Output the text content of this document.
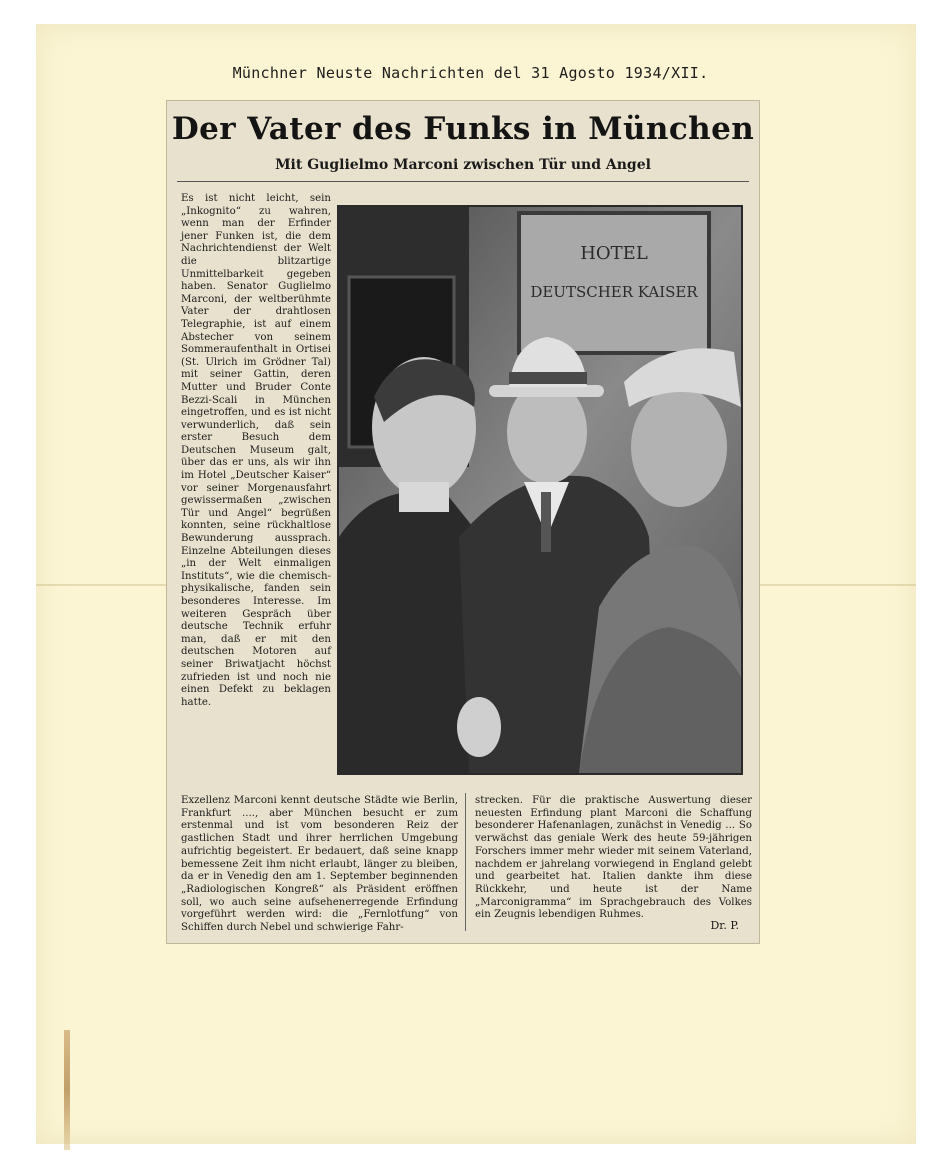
Münchner Neuste Nachrichten del 31 Agosto 1934/XII.
Der Vater des Funks in München
Mit Guglielmo Marconi zwischen Tür und Angel
Es ist nicht leicht, sein „Inkognito“ zu wahren, wenn man der Erfinder jener Funken ist, die dem Nachrichtendienst der Welt die blitzartige Unmittelbarkeit gegeben haben. Senator Guglielmo Marconi, der weltberühmte Vater der drahtlosen Telegraphie, ist auf einem Abstecher von seinem Sommeraufenthalt in Ortisei (St. Ulrich im Grödner Tal) mit seiner Gattin, deren Mutter und Bruder Conte Bezzi-Scali in München eingetroffen, und es ist nicht verwunderlich, daß sein erster Besuch dem Deutschen Museum galt, über das er uns, als wir ihn im Hotel „Deutscher Kaiser“ vor seiner Morgenausfahrt gewissermaßen „zwischen Tür und Angel“ begrüßen konnten, seine rückhaltlose Bewunderung aussprach. Einzelne Abteilungen dieses „in der Welt einmaligen Instituts“, wie die chemisch-physikalische, fanden sein besonderes Interesse. Im weiteren Gespräch über deutsche Technik erfuhr man, daß er mit den deutschen Motoren auf seiner Briwatjacht höchst zufrieden ist und noch nie einen Defekt zu beklagen hatte.
HOTEL
DEUTSCHER KAISER
Exzellenz Marconi kennt deutsche Städte wie Berlin, Frankfurt ...., aber München besucht er zum erstenmal und ist vom besonderen Reiz der gastlichen Stadt und ihrer herrlichen Umgebung aufrichtig begeistert. Er bedauert, daß seine knapp bemessene Zeit ihm nicht erlaubt, länger zu bleiben, da er in Venedig den am 1. September beginnenden „Radiologischen Kongreß“ als Präsident eröffnen soll, wo auch seine aufsehenerregende Erfindung vorgeführt werden wird: die „Fernlotfung“ von Schiffen durch Nebel und schwierige Fahr-
strecken. Für die praktische Auswertung dieser neuesten Erfindung plant Marconi die Schaffung besonderer Hafenanlagen, zunächst in Venedig ... So verwächst das geniale Werk des heute 59-jährigen Forschers immer mehr wieder mit seinem Vaterland, nachdem er jahrelang vorwiegend in England gelebt und gearbeitet hat. Italien dankte ihm diese Rückkehr, und heute ist der Name „Marconigramma“ im Sprachgebrauch des Volkes ein Zeugnis lebendigen Ruhmes.
Dr. P.
